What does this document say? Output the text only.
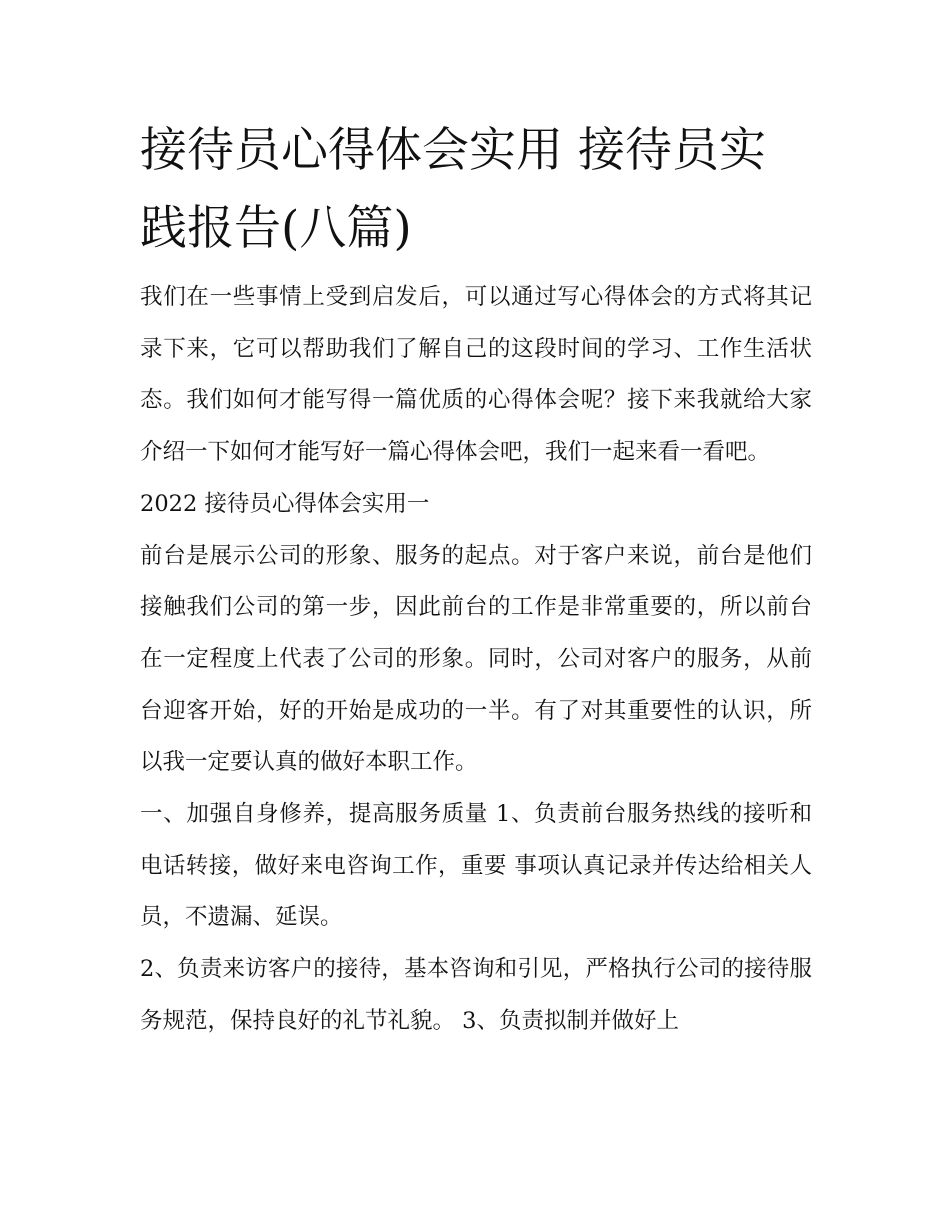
接待员心得体会实用 接待员实践报告(八篇)

我们在一些事情上受到启发后，可以通过写心得体会的方式将其记录下来，它可以帮助我们了解自己的这段时间的学习、工作生活状态。我们如何才能写得一篇优质的心得体会呢？接下来我就给大家介绍一下如何才能写好一篇心得体会吧，我们一起来看一看吧。

2022 接待员心得体会实用一

前台是展示公司的形象、服务的起点。对于客户来说，前台是他们接触我们公司的第一步，因此前台的工作是非常重要的，所以前台在一定程度上代表了公司的形象。同时，公司对客户的服务，从前台迎客开始，好的开始是成功的一半。有了对其重要性的认识，所以我一定要认真的做好本职工作。

一、加强自身修养，提高服务质量 1、负责前台服务热线的接听和电话转接，做好来电咨询工作，重要 事项认真记录并传达给相关人员，不遗漏、延误。

2、负责来访客户的接待，基本咨询和引见，严格执行公司的接待服务规范，保持良好的礼节礼貌。 3、负责拟制并做好上
